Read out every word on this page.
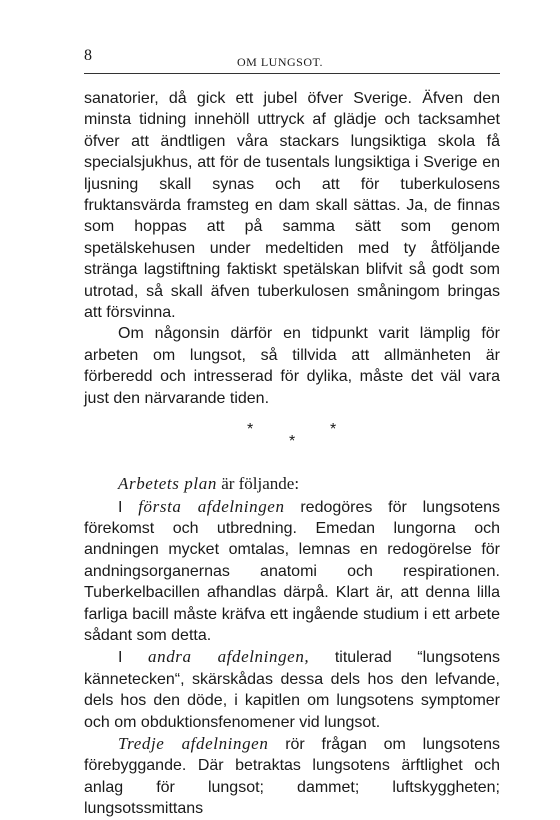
8	OM LUNGSOT.

sanatorier, då gick ett jubel öfver Sverige. Äfven den minsta tidning innehöll uttryck af glädje och tacksamhet öfver att ändtligen våra stackars lungsiktiga skola få specialsjukhus, att för de tusentals lungsiktiga i Sverige en ljusning skall synas och att för tuberkulosens fruktansvärda framsteg en dam skall sättas. Ja, de finnas som hoppas att på samma sätt som genom spetälskehusen under medeltiden med ty åtföljande stränga lagstiftning faktiskt spetälskan blifvit så godt som utrotad, så skall äfven tuberkulosen småningom bringas att försvinna.

Om någonsin därför en tidpunkt varit lämplig för arbeten om lungsot, så tillvida att allmänheten är förberedd och intresserad för dylika, måste det väl vara just den närvarande tiden.

*
*
*

Arbetets plan är följande:

I första afdelningen redogöres för lungsotens förekomst och utbredning. Emedan lungorna och andningen mycket omtalas, lemnas en redogörelse för andningsorganernas anatomi och respirationen. Tuberkelbacillen afhandlas därpå. Klart är, att denna lilla farliga bacill måste kräfva ett ingående studium i ett arbete sådant som detta.

I andra afdelningen, titulerad “lungsotens kännetecken“, skärskådas dessa dels hos den lefvande, dels hos den döde, i kapitlen om lungsotens symptomer och om obduktionsfenomener vid lungsot.

Tredje afdelningen rör frågan om lungsotens förebyggande. Där betraktas lungsotens ärftlighet och anlag för lungsot; dammet; luftskyggheten; lungsotssmittans
